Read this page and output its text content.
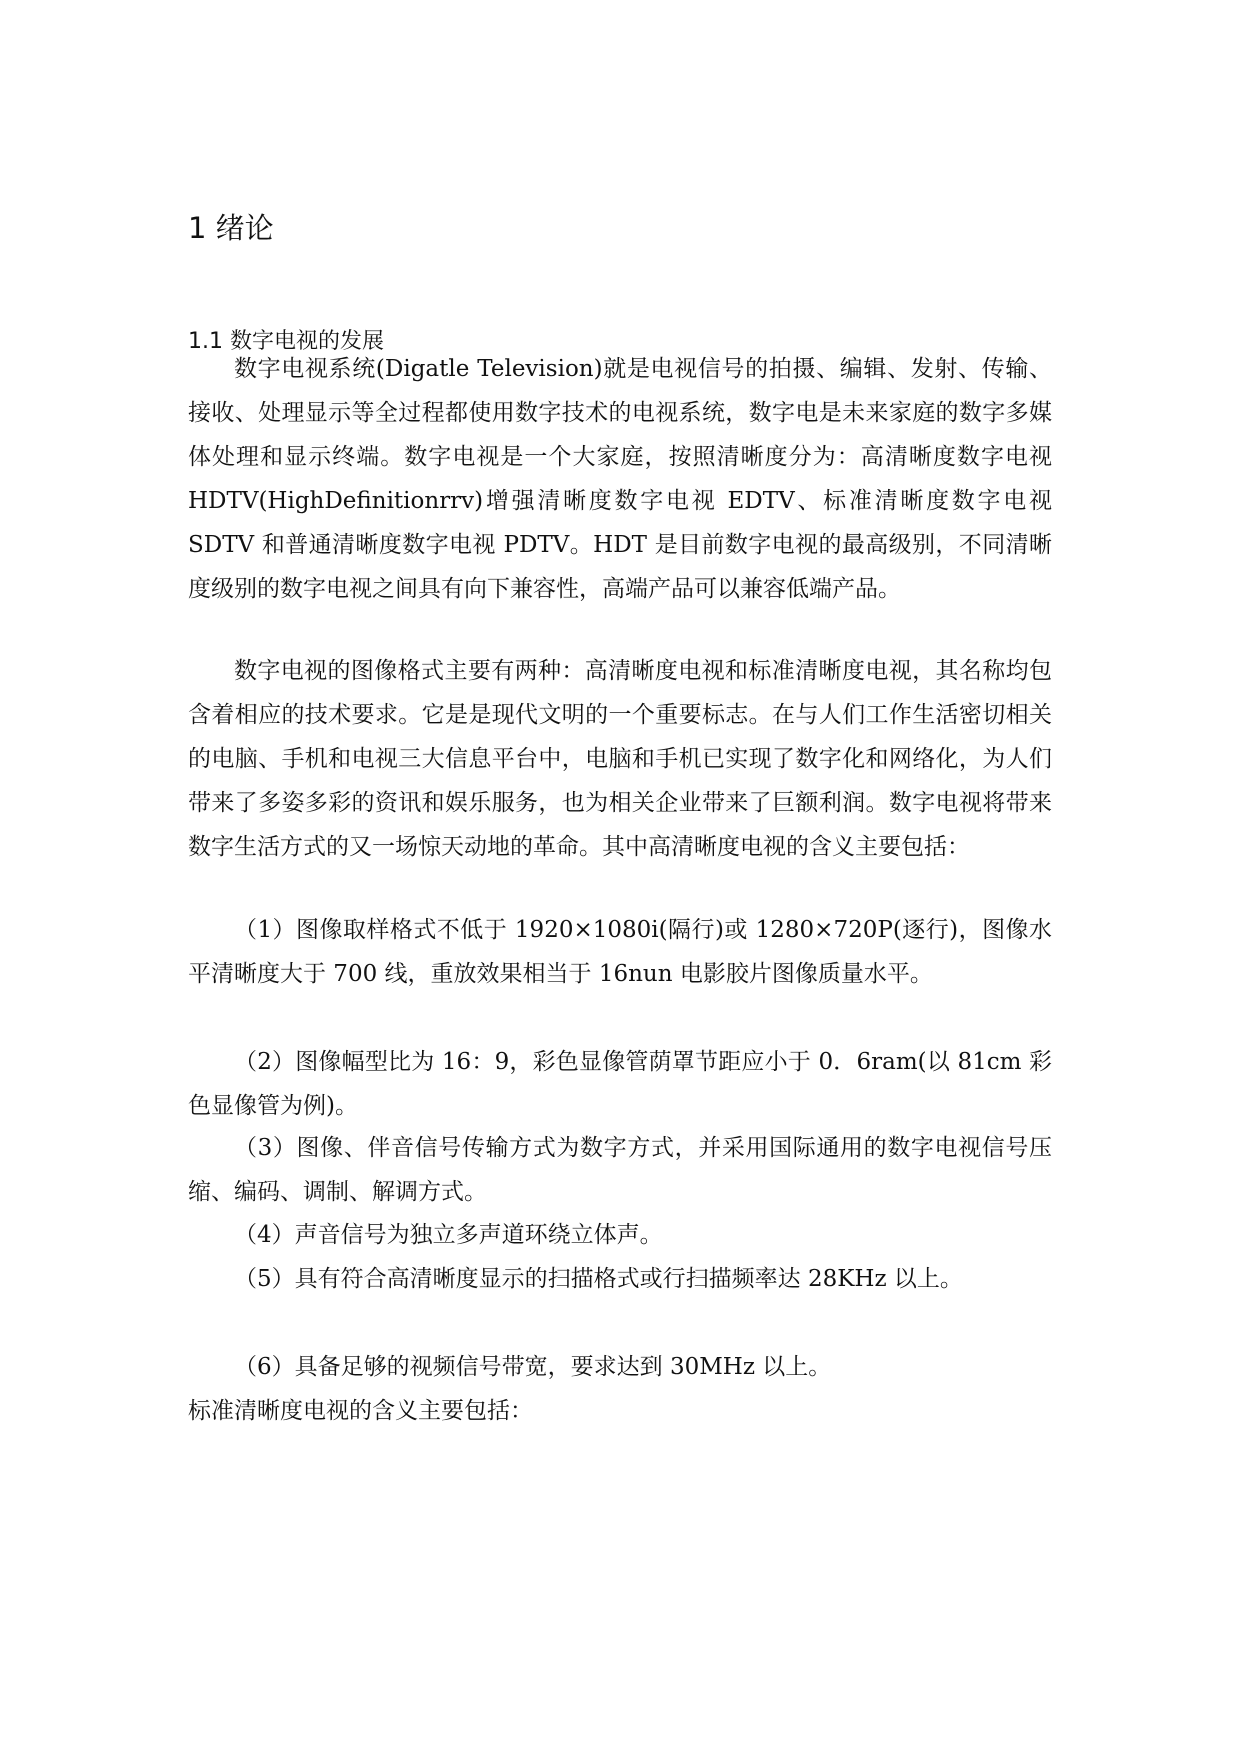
1 绪论
1.1 数字电视的发展

数字电视系统(Digatle Television)就是电视信号的拍摄、编辑、发射、传输、接收、处理显示等全过程都使用数字技术的电视系统，数字电是未来家庭的数字多媒体处理和显示终端。数字电视是一个大家庭，按照清晰度分为：高清晰度数字电视 HDTV(HighDefinitionrrv)增强清晰度数字电视 EDTV、标准清晰度数字电视 SDTV 和普通清晰度数字电视 PDTV。HDT 是目前数字电视的最高级别，不同清晰度级别的数字电视之间具有向下兼容性，高端产品可以兼容低端产品。

数字电视的图像格式主要有两种：高清晰度电视和标准清晰度电视，其名称均包含着相应的技术要求。它是是现代文明的一个重要标志。在与人们工作生活密切相关的电脑、手机和电视三大信息平台中，电脑和手机已实现了数字化和网络化，为人们带来了多姿多彩的资讯和娱乐服务，也为相关企业带来了巨额利润。数字电视将带来数字生活方式的又一场惊天动地的革命。其中高清晰度电视的含义主要包括：

（1）图像取样格式不低于 1920×1080i(隔行)或 1280×720P(逐行)，图像水平清晰度大于 700 线，重放效果相当于 16nun 电影胶片图像质量水平。

（2）图像幅型比为 16：9，彩色显像管荫罩节距应小于 0．6ram(以 81cm 彩色显像管为例)。

（3）图像、伴音信号传输方式为数字方式，并采用国际通用的数字电视信号压缩、编码、调制、解调方式。

（4）声音信号为独立多声道环绕立体声。

（5）具有符合高清晰度显示的扫描格式或行扫描频率达 28KHz 以上。

（6）具备足够的视频信号带宽，要求达到 30MHz 以上。

标准清晰度电视的含义主要包括：
